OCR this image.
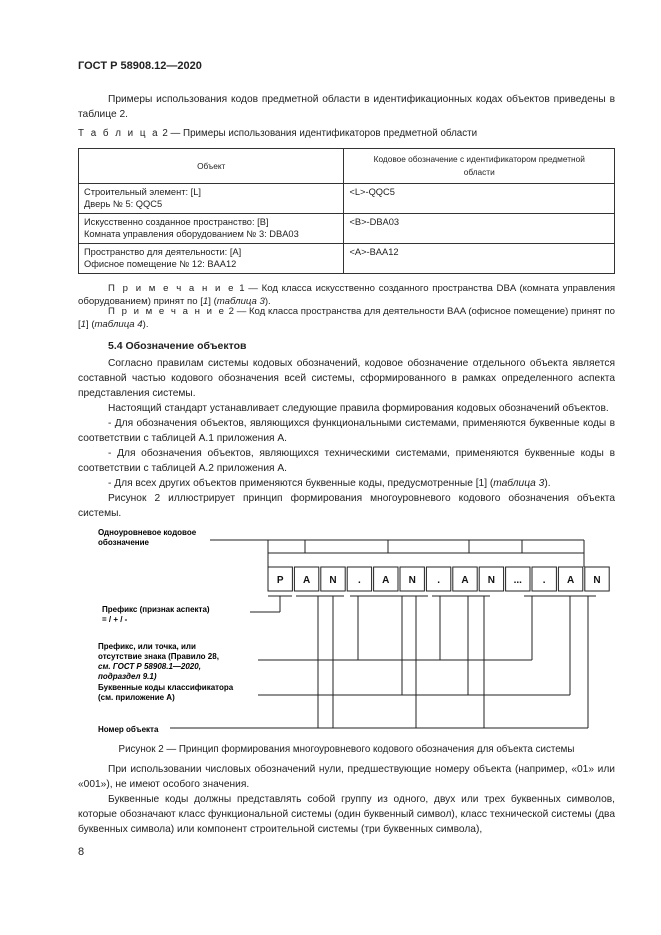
ГОСТ Р 58908.12—2020
Примеры использования кодов предметной области в идентификационных кодах объектов приведены в таблице 2.
Т а б л и ц а 2 — Примеры использования идентификаторов предметной области
Объект	Кодовое обозначение с идентификатором предметной области

Строительный элемент: [L]
Дверь № 5: QQC5	<L>-QQC5

Искусственно созданное пространство: [B]
Комната управления оборудованием № 3: DBA03	<B>-DBA03

Пространство для деятельности: [A]
Офисное помещение № 12: BAA12	<A>-BAA12
П р и м е ч а н и е 1 — Код класса искусственно созданного пространства DBA (комната управления оборудованием) принят по [1] (таблица 3).
П р и м е ч а н и е 2 — Код класса пространства для деятельности BAA (офисное помещение) принят по [1] (таблица 4).
5.4 Обозначение объектов
Согласно правилам системы кодовых обозначений, кодовое обозначение отдельного объекта является составной частью кодового обозначения всей системы, сформированного в рамках определенного аспекта представления системы.
Настоящий стандарт устанавливает следующие правила формирования кодовых обозначений объектов.
- Для обозначения объектов, являющихся функциональными системами, применяются буквенные коды в соответствии с таблицей А.1 приложения А.
- Для обозначения объектов, являющихся техническими системами, применяются буквенные коды в соответствии с таблицей А.2 приложения А.
- Для всех других объектов применяются буквенные коды, предусмотренные [1] (таблица 3).
Рисунок 2 иллюстрирует принцип формирования многоуровневого кодового обозначения объекта системы.
P A N . A N . A N ... . A N
Одноуровневое кодовое
обозначение
Префикс (признак аспекта)
= / + / -
Префикс, или точка, или
отсутствие знака (Правило 28,
см. ГОСТ Р 58908.1—2020,
подраздел 9.1)
Буквенные коды классификатора
(см. приложение А)
Номер объекта
Рисунок 2 — Принцип формирования многоуровневого кодового обозначения для объекта системы
При использовании числовых обозначений нули, предшествующие номеру объекта (например, «01» или «001»), не имеют особого значения.
Буквенные коды должны представлять собой группу из одного, двух или трех буквенных символов, которые обозначают класс функциональной системы (один буквенный символ), класс технической системы (два буквенных символа) или компонент строительной системы (три буквенных символа),
8
